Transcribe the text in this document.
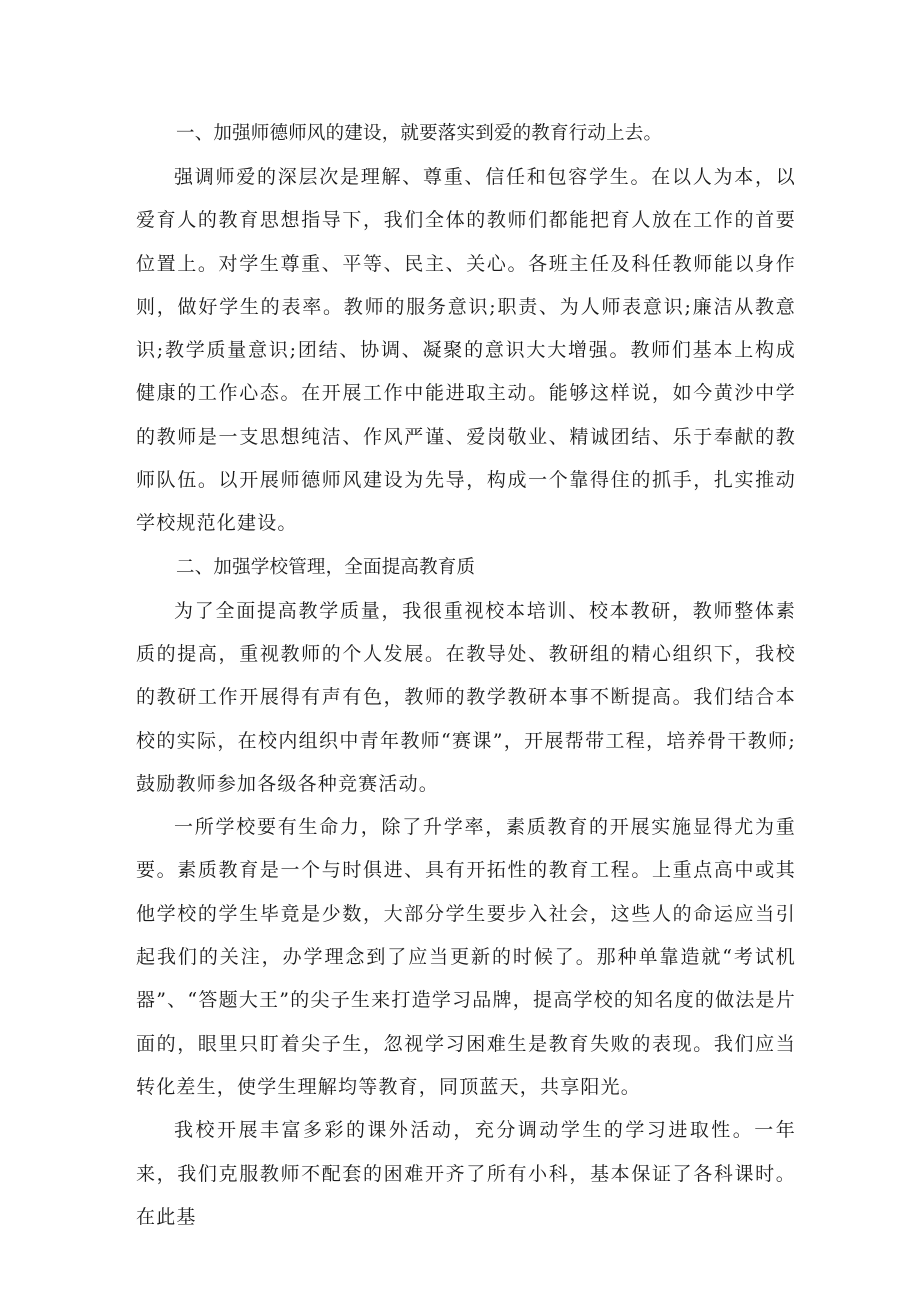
一、加强师德师风的建设，就要落实到爱的教育行动上去。

强调师爱的深层次是理解、尊重、信任和包容学生。在以人为本，以爱育人的教育思想指导下，我们全体的教师们都能把育人放在工作的首要位置上。对学生尊重、平等、民主、关心。各班主任及科任教师能以身作则，做好学生的表率。教师的服务意识;职责、为人师表意识;廉洁从教意识;教学质量意识;团结、协调、凝聚的意识大大增强。教师们基本上构成健康的工作心态。在开展工作中能进取主动。能够这样说，如今黄沙中学的教师是一支思想纯洁、作风严谨、爱岗敬业、精诚团结、乐于奉献的教师队伍。以开展师德师风建设为先导，构成一个靠得住的抓手，扎实推动学校规范化建设。

二、加强学校管理，全面提高教育质

为了全面提高教学质量，我很重视校本培训、校本教研，教师整体素质的提高，重视教师的个人发展。在教导处、教研组的精心组织下，我校的教研工作开展得有声有色，教师的教学教研本事不断提高。我们结合本校的实际，在校内组织中青年教师“赛课”，开展帮带工程，培养骨干教师;鼓励教师参加各级各种竞赛活动。

一所学校要有生命力，除了升学率，素质教育的开展实施显得尤为重要。素质教育是一个与时俱进、具有开拓性的教育工程。上重点高中或其他学校的学生毕竟是少数，大部分学生要步入社会，这些人的命运应当引起我们的关注，办学理念到了应当更新的时候了。那种单靠造就“考试机器”、“答题大王”的尖子生来打造学习品牌，提高学校的知名度的做法是片面的，眼里只盯着尖子生，忽视学习困难生是教育失败的表现。我们应当转化差生，使学生理解均等教育，同顶蓝天，共享阳光。

我校开展丰富多彩的课外活动，充分调动学生的学习进取性。一年来，我们克服教师不配套的困难开齐了所有小科，基本保证了各科课时。在此基
